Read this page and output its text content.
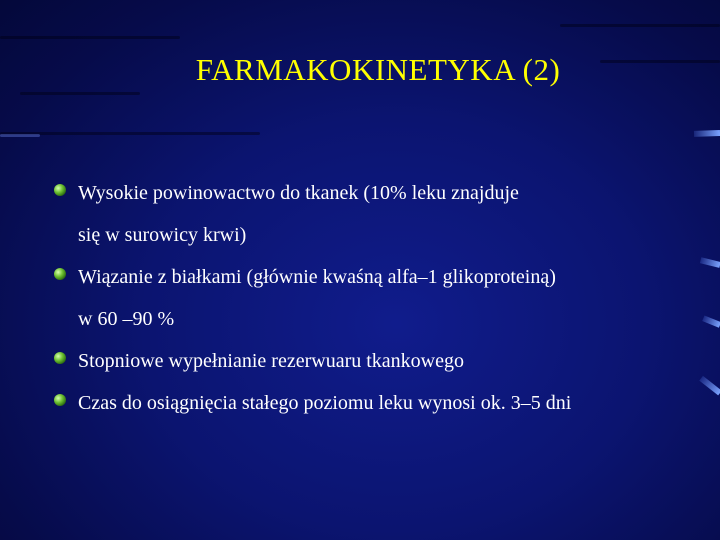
FARMAKOKINETYKA (2)
Wysokie powinowactwo do tkanek (10% leku znajduje
się w surowicy krwi)
Wiązanie z białkami (głównie kwaśną alfa–1 glikoproteiną)
w 60 –90 %
Stopniowe wypełnianie rezerwuaru tkankowego
Czas do osiągnięcia stałego poziomu leku wynosi ok. 3–5 dni
